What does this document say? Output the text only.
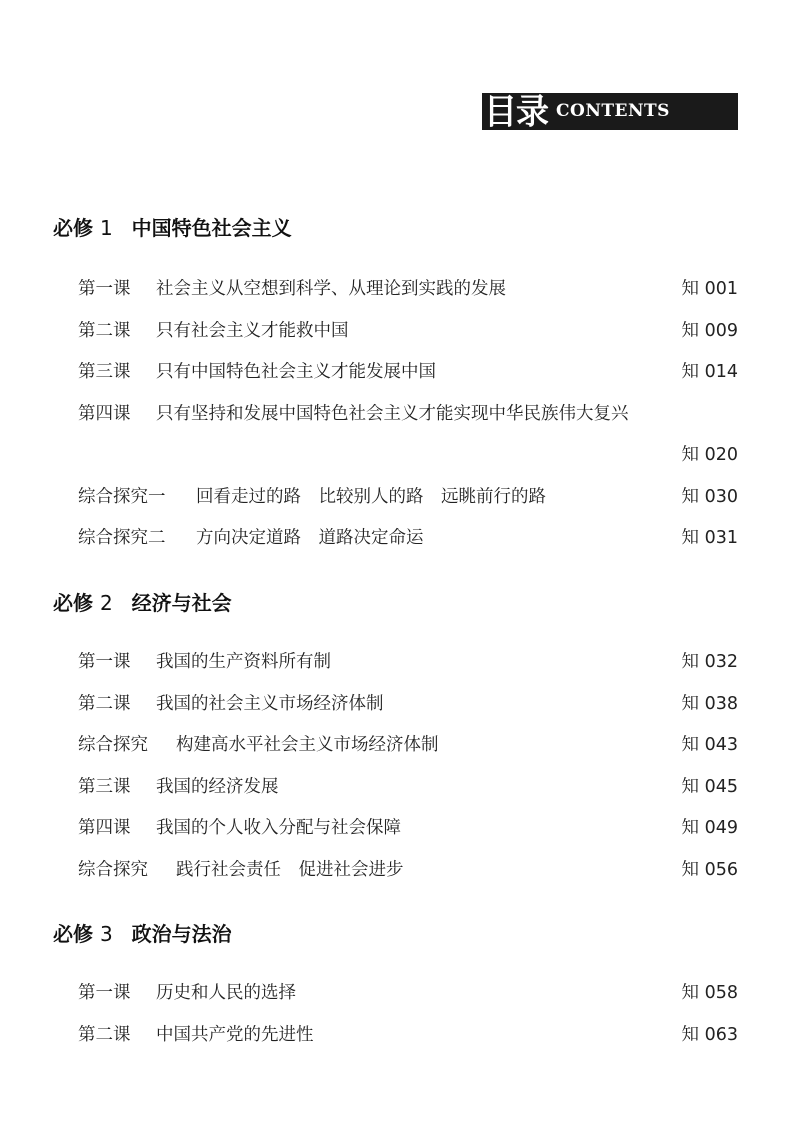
目录 CONTENTS
必修 1 中国特色社会主义
第一课 社会主义从空想到科学、从理论到实践的发展	知 001
第二课 只有社会主义才能救中国	知 009
第三课 只有中国特色社会主义才能发展中国	知 014
第四课 只有坚持和发展中国特色社会主义才能实现中华民族伟大复兴
知 020
综合探究一 回看走过的路　比较别人的路　远眺前行的路	知 030
综合探究二 方向决定道路　道路决定命运	知 031
必修 2 经济与社会
第一课 我国的生产资料所有制	知 032
第二课 我国的社会主义市场经济体制	知 038
综合探究 构建高水平社会主义市场经济体制	知 043
第三课 我国的经济发展	知 045
第四课 我国的个人收入分配与社会保障	知 049
综合探究 践行社会责任　促进社会进步	知 056
必修 3 政治与法治
第一课 历史和人民的选择	知 058
第二课 中国共产党的先进性	知 063
